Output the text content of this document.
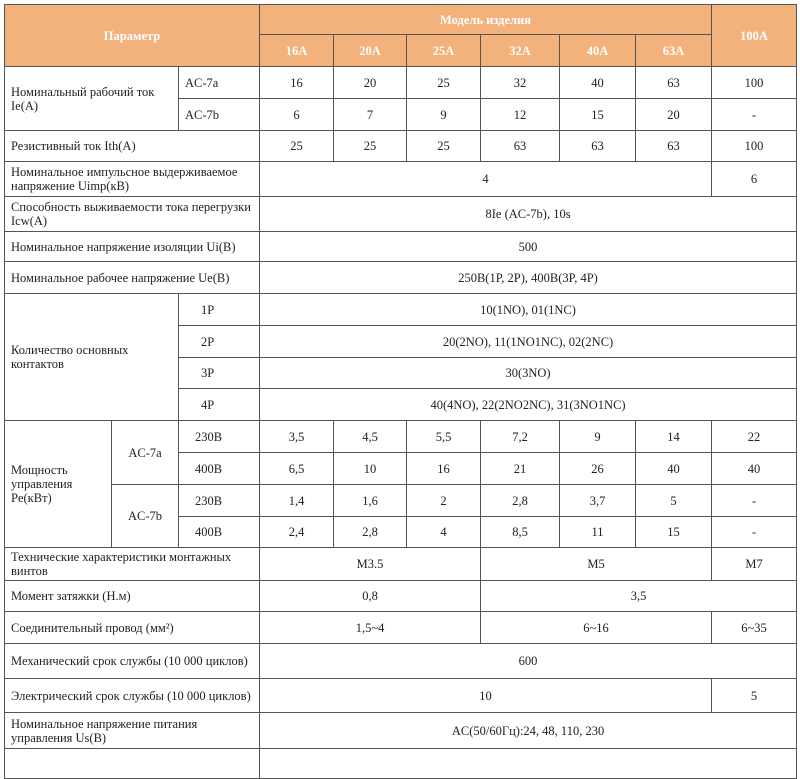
Параметр			Модель изделия						100A
			16A	20A	25A	32A	40A	63A	
Номинальный рабочий ток Ie(A)		AC-7a	16	20	25	32	40	63	100
		AC-7b	6	7	9	12	15	20	-
Резистивный ток Ith(A)			25	25	25	63	63	63	100
Номинальное импульсное выдерживаемое напряжение Uimp(кВ)			4						6
Способность выживаемости тока перегрузки Icw(A)			8Ie (AC-7b), 10s						
Номинальное напряжение изоляции Ui(В)			500						
Номинальное рабочее напряжение Ue(В)			250В(1P, 2P), 400В(3P, 4P)						
Количество основных контактов		1P	10(1NO), 01(1NC)						
		2P	20(2NO), 11(1NO1NC), 02(2NC)						
		3P	30(3NO)						
		4P	40(4NO), 22(2NO2NC), 31(3NO1NC)						
Мощность управления Pe(кВт)	AC-7a	230В	3,5	4,5	5,5	7,2	9	14	22
		400В	6,5	10	16	21	26	40	40
	AC-7b	230В	1,4	1,6	2	2,8	3,7	5	-
		400В	2,4	2,8	4	8,5	11	15	-
Технические характеристики монтажных винтов			M3.5			M5			M7
Момент затяжки (Н.м)			0,8			3,5			
Соединительный провод (мм²)			1,5~4			6~16			6~35
Механический срок службы (10 000 циклов)			600						
Электрический срок службы (10 000 циклов)			10						5
Номинальное напряжение питания управления Us(В)			AC(50/60Гц):24, 48, 110, 230						
